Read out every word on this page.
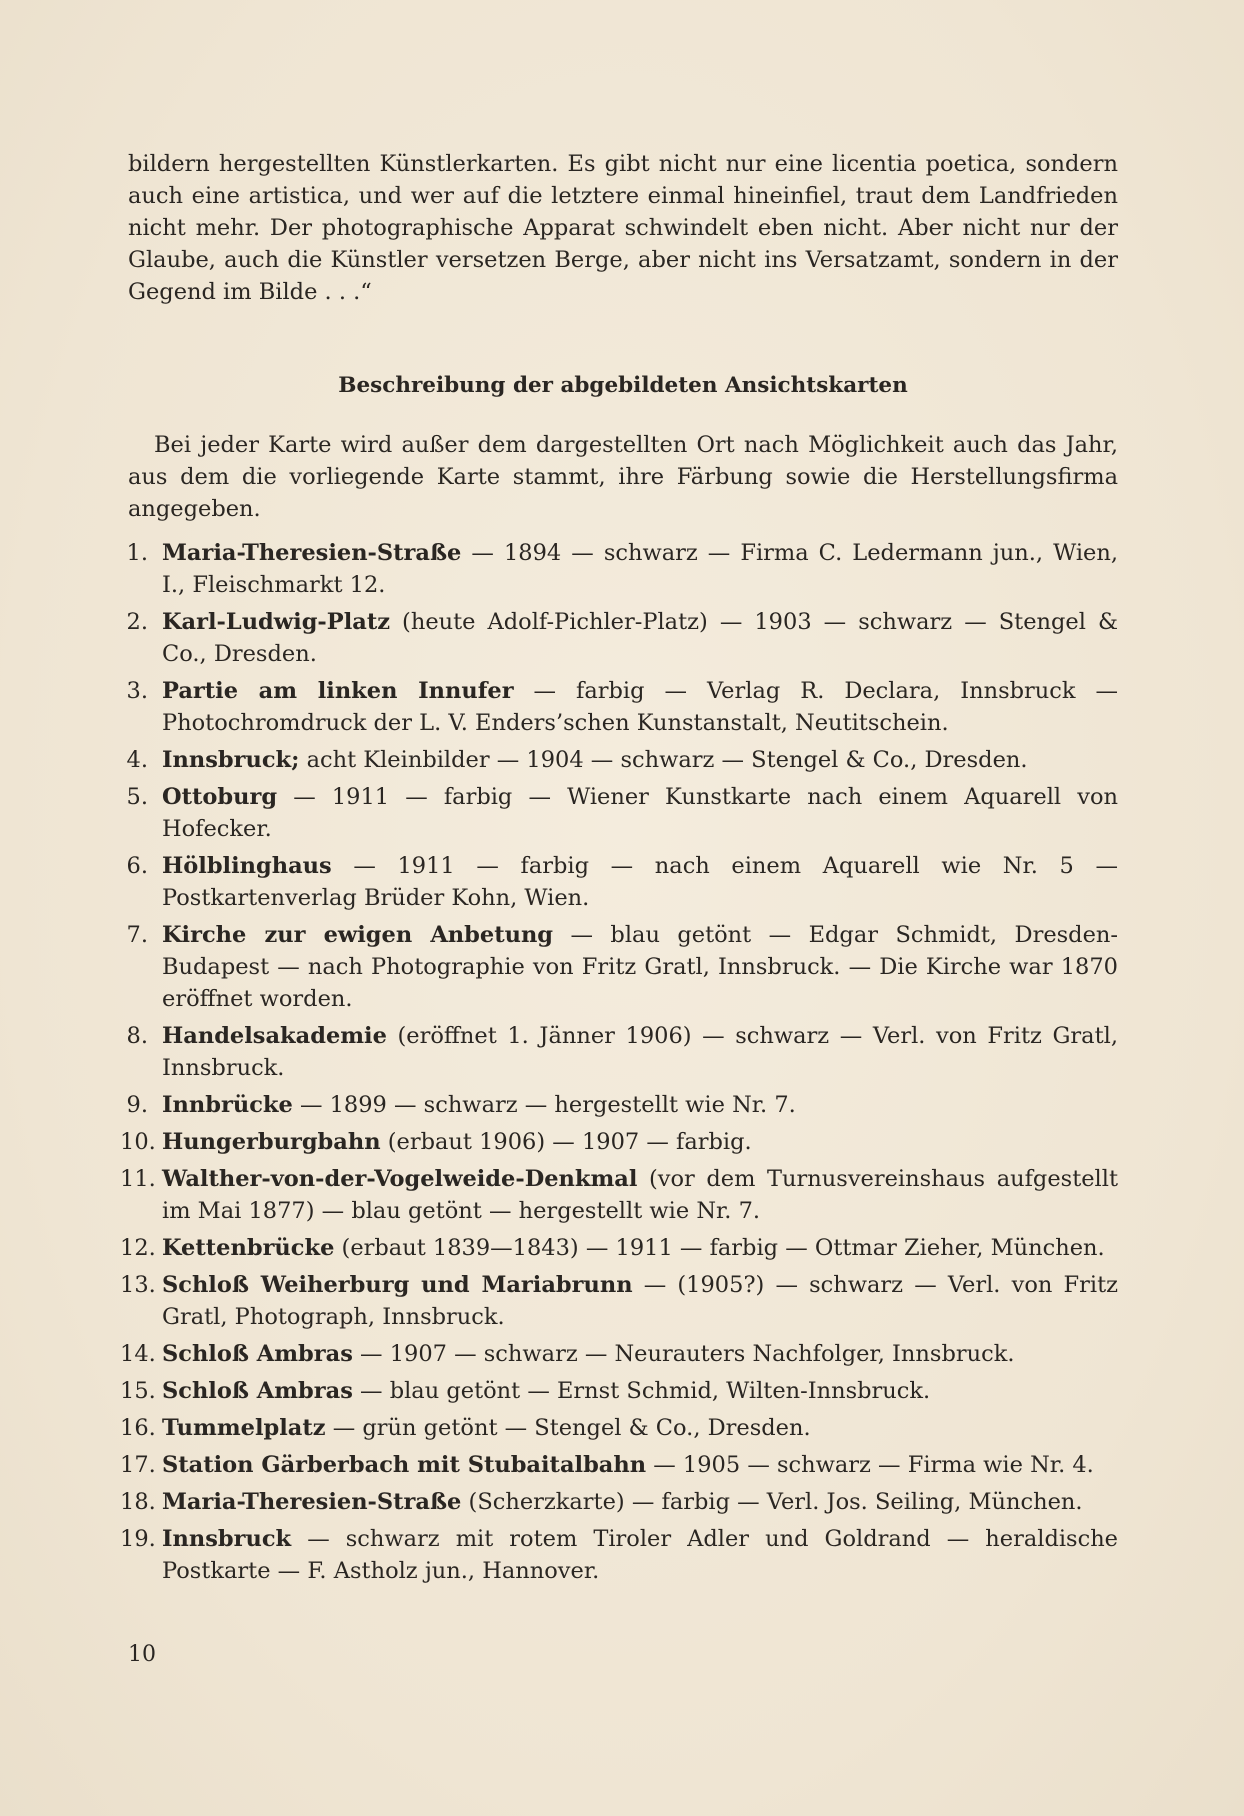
bildern hergestellten Künstlerkarten. Es gibt nicht nur eine licentia poetica, sondern auch eine artistica, und wer auf die letztere einmal hineinfiel, traut dem Landfrieden nicht mehr. Der photographische Apparat schwindelt eben nicht. Aber nicht nur der Glaube, auch die Künstler versetzen Berge, aber nicht ins Versatzamt, sondern in der Gegend im Bilde . . .“

Beschreibung der abgebildeten Ansichtskarten

Bei jeder Karte wird außer dem dargestellten Ort nach Möglichkeit auch das Jahr, aus dem die vorliegende Karte stammt, ihre Färbung sowie die Herstellungsfirma angegeben.

1. Maria-Theresien-Straße — 1894 — schwarz — Firma C. Ledermann jun., Wien, I., Fleischmarkt 12.
2. Karl-Ludwig-Platz (heute Adolf-Pichler-Platz) — 1903 — schwarz — Stengel & Co., Dresden.
3. Partie am linken Innufer — farbig — Verlag R. Declara, Innsbruck — Photochromdruck der L. V. Enders’schen Kunstanstalt, Neutitschein.
4. Innsbruck; acht Kleinbilder — 1904 — schwarz — Stengel & Co., Dresden.
5. Ottoburg — 1911 — farbig — Wiener Kunstkarte nach einem Aquarell von Hofecker.
6. Hölblinghaus — 1911 — farbig — nach einem Aquarell wie Nr. 5 — Postkartenverlag Brüder Kohn, Wien.
7. Kirche zur ewigen Anbetung — blau getönt — Edgar Schmidt, Dresden-Budapest — nach Photographie von Fritz Gratl, Innsbruck. — Die Kirche war 1870 eröffnet worden.
8. Handelsakademie (eröffnet 1. Jänner 1906) — schwarz — Verl. von Fritz Gratl, Innsbruck.
9. Innbrücke — 1899 — schwarz — hergestellt wie Nr. 7.
10. Hungerburgbahn (erbaut 1906) — 1907 — farbig.
11. Walther-von-der-Vogelweide-Denkmal (vor dem Turnusvereinshaus aufgestellt im Mai 1877) — blau getönt — hergestellt wie Nr. 7.
12. Kettenbrücke (erbaut 1839—1843) — 1911 — farbig — Ottmar Zieher, München.
13. Schloß Weiherburg und Mariabrunn — (1905?) — schwarz — Verl. von Fritz Gratl, Photograph, Innsbruck.
14. Schloß Ambras — 1907 — schwarz — Neurauters Nachfolger, Innsbruck.
15. Schloß Ambras — blau getönt — Ernst Schmid, Wilten-Innsbruck.
16. Tummelplatz — grün getönt — Stengel & Co., Dresden.
17. Station Gärberbach mit Stubaitalbahn — 1905 — schwarz — Firma wie Nr. 4.
18. Maria-Theresien-Straße (Scherzkarte) — farbig — Verl. Jos. Seiling, München.
19. Innsbruck — schwarz mit rotem Tiroler Adler und Goldrand — heraldische Postkarte — F. Astholz jun., Hannover.
10
